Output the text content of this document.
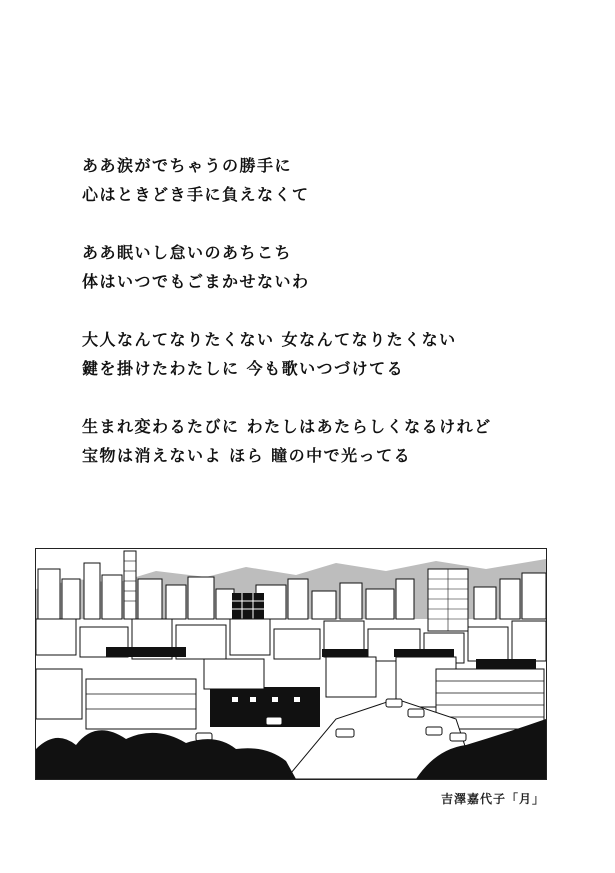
ああ涙がでちゃうの勝手に
心はときどき手に負えなくて
ああ眠いし怠いのあちこち
体はいつでもごまかせないわ
大人なんてなりたくない 女なんてなりたくない
鍵を掛けたわたしに 今も歌いつづけてる
生まれ変わるたびに わたしはあたらしくなるけれど
宝物は消えないよ ほら 瞳の中で光ってる
吉澤嘉代子「月」
